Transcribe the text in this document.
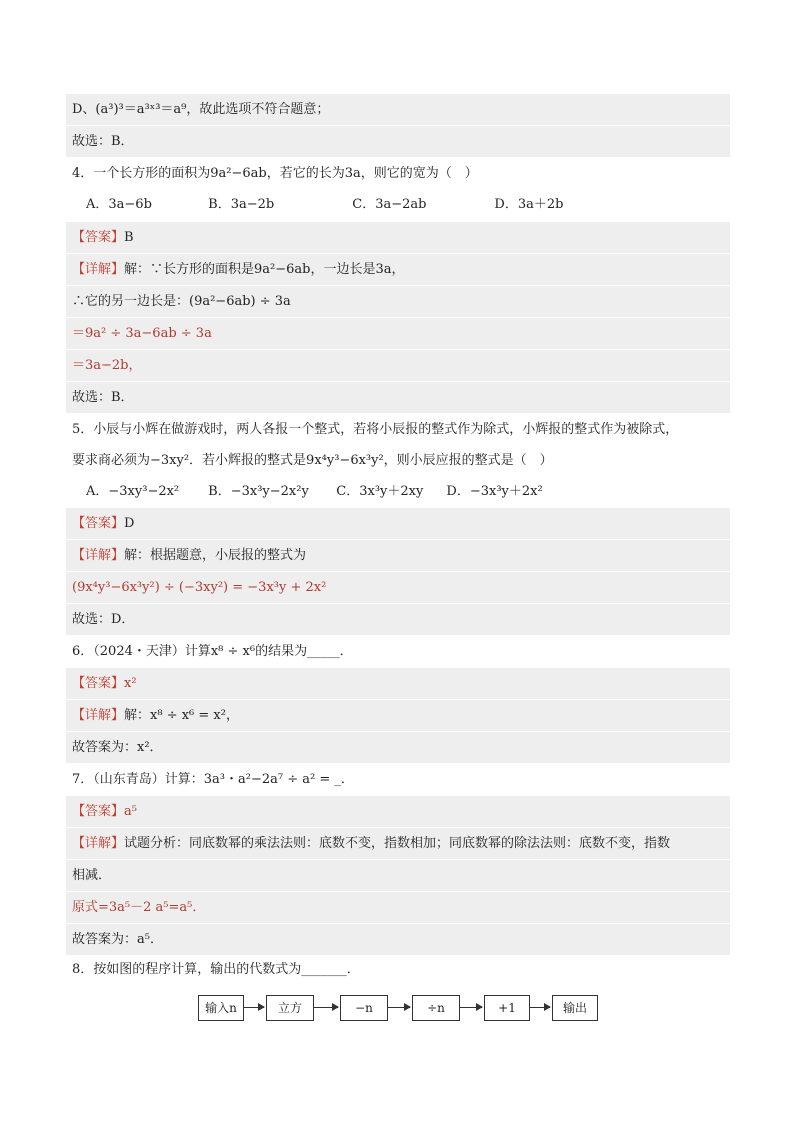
D、(a³)³＝a³ˣ³＝a⁹，故此选项不符合题意；
故选：B．
4．一个长方形的面积为9a²−6ab，若它的长为3a，则它的宽为（　）
A．3a−6b	B．3a−2b	C．3a−2ab	D．3a＋2b
【答案】B
【详解】解：∵长方形的面积是9a²−6ab，一边长是3a，
∴它的另一边长是：(9a²−6ab) ÷ 3a
＝9a² ÷ 3a−6ab ÷ 3a
＝3a−2b，
故选：B．
5．小辰与小辉在做游戏时，两人各报一个整式，若将小辰报的整式作为除式，小辉报的整式作为被除式，
要求商必须为−3xy²．若小辉报的整式是9x⁴y³−6x³y²，则小辰应报的整式是（　）
A．−3xy³−2x² B．−3x³y−2x²y C．3x³y＋2xy D．−3x³y＋2x²
【答案】D
【详解】解：根据题意，小辰报的整式为
(9x⁴y³−6x³y²) ÷ (−3xy²) = −3x³y + 2x²
故选：D．
6．（2024・天津）计算x⁸ ÷ x⁶的结果为_____．
【答案】x²
【详解】解：x⁸ ÷ x⁶ = x²，
故答案为：x²．
7．（山东青岛）计算：3a³・a²−2a⁷ ÷ a² = _．
【答案】a⁵
【详解】试题分析：同底数幂的乘法法则：底数不变，指数相加；同底数幂的除法法则：底数不变，指数
相减．
原式=3a⁵－2 a⁵=a⁵．
故答案为：a⁵．
8．按如图的程序计算，输出的代数式为_______．
输入n	立方	−n	÷n	+1	输出
